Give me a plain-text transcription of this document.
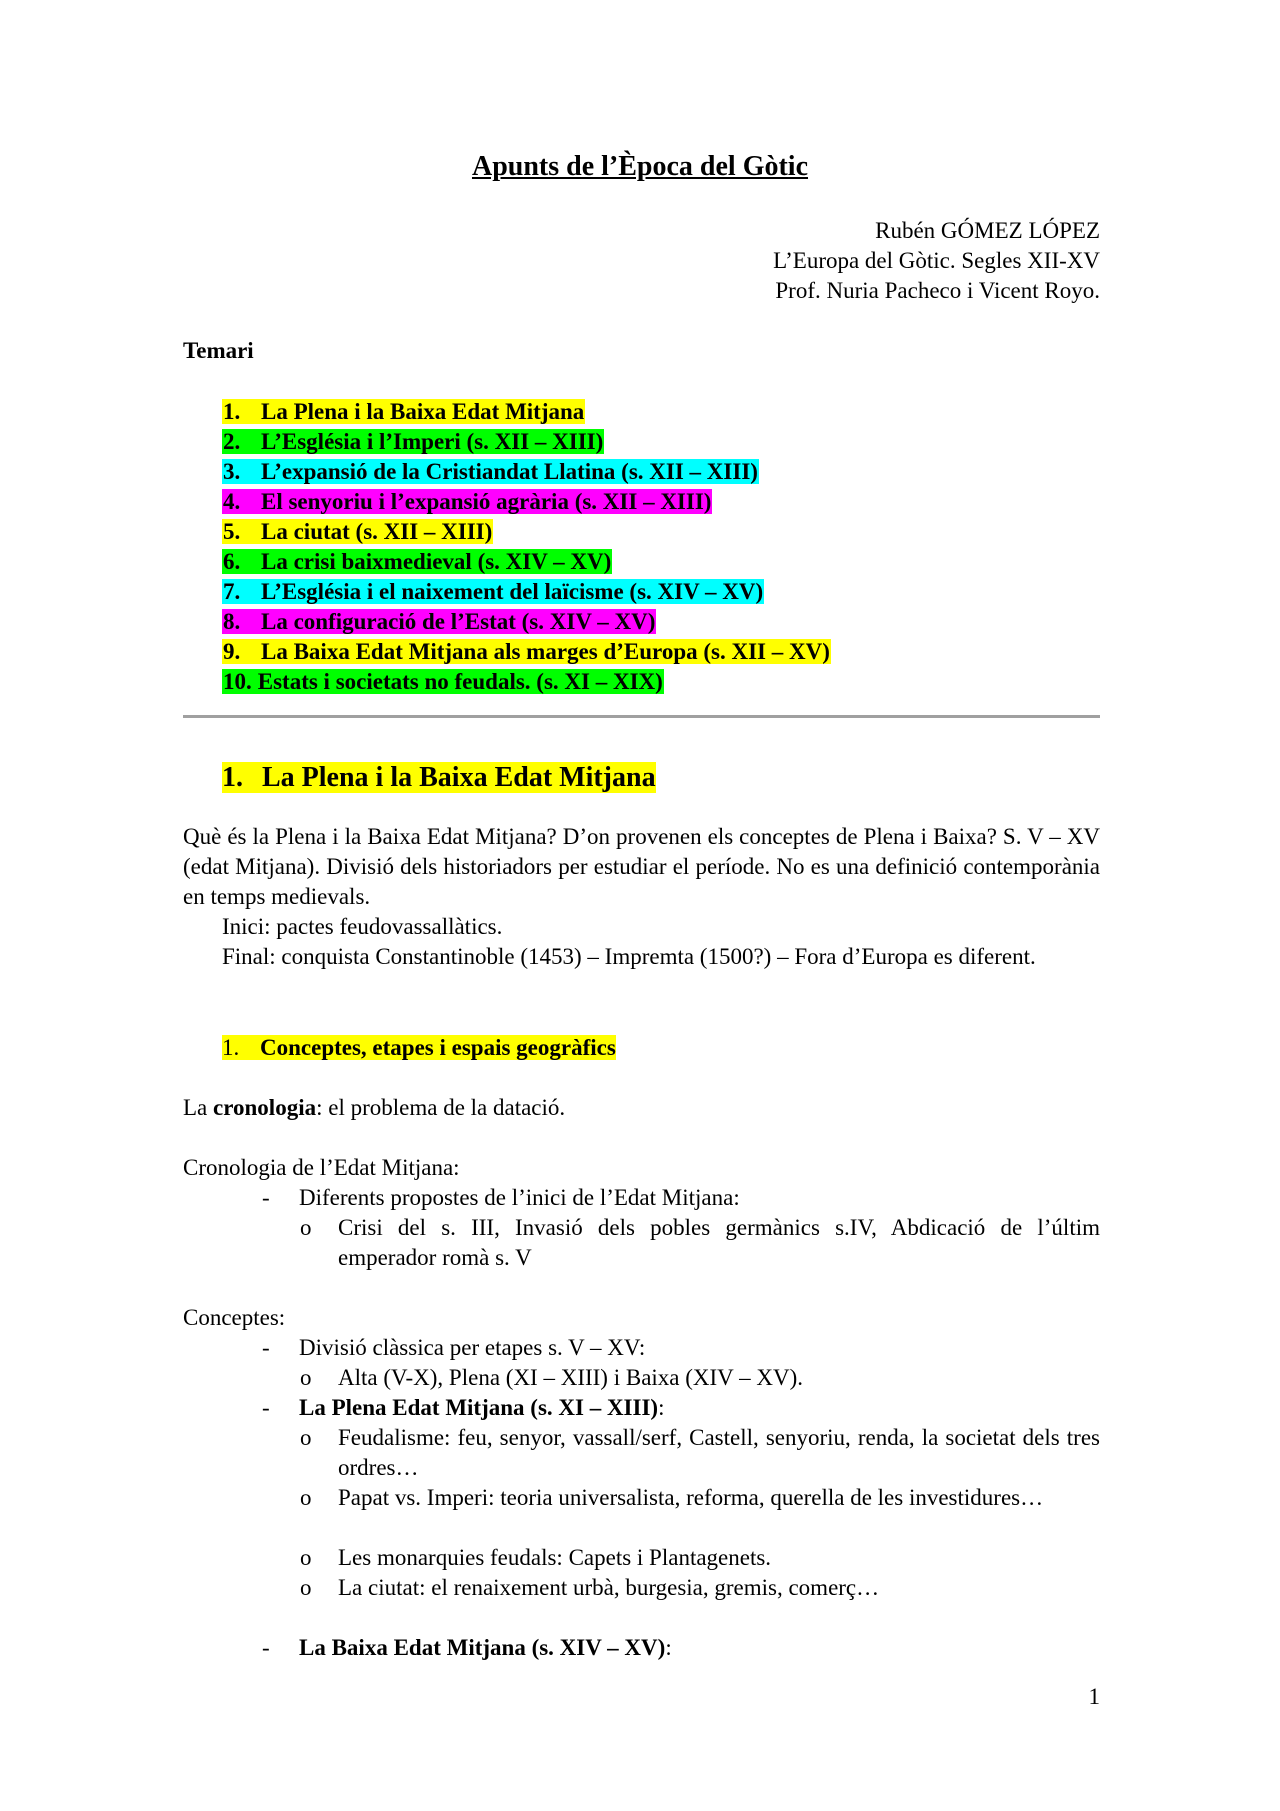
Apunts de l’Època del Gòtic
Rubén GÓMEZ LÓPEZ
L’Europa del Gòtic. Segles XII-XV
Prof. Nuria Pacheco i Vicent Royo.
Temari
1. La Plena i la Baixa Edat Mitjana
2. L’Església i l’Imperi (s. XII – XIII)
3. L’expansió de la Cristiandat Llatina (s. XII – XIII)
4. El senyoriu i l’expansió agrària (s. XII – XIII)
5. La ciutat (s. XII – XIII)
6. La crisi baixmedieval (s. XIV – XV)
7. L’Església i el naixement del laïcisme (s. XIV – XV)
8. La configuració de l’Estat (s. XIV – XV)
9. La Baixa Edat Mitjana als marges d’Europa (s. XII – XV)
10. Estats i societats no feudals. (s. XI – XIX)
1. La Plena i la Baixa Edat Mitjana

Què és la Plena i la Baixa Edat Mitjana? D’on provenen els conceptes de Plena i Baixa? S. V – XV (edat Mitjana). Divisió dels historiadors per estudiar el període. No es una definició contemporània en temps medievals.

Inici: pactes feudovassallàtics.

Final: conquista Constantinoble (1453) – Impremta (1500?) – Fora d’Europa es diferent.

1. Conceptes, etapes i espais geogràfics

La cronologia: el problema de la datació.

Cronologia de l’Edat Mitjana:

- Diferents propostes de l’inici de l’Edat Mitjana:
o Crisi del s. III, Invasió dels pobles germànics s.IV, Abdicació de l’últim emperador romà s. V

Conceptes:

- Divisió clàssica per etapes s. V – XV:
o Alta (V-X), Plena (XI – XIII) i Baixa (XIV – XV).
- La Plena Edat Mitjana (s. XI – XIII):
o Feudalisme: feu, senyor, vassall/serf, Castell, senyoriu, renda, la societat dels tres ordres…
o Papat vs. Imperi: teoria universalista, reforma, querella de les investidures…
o Les monarquies feudals: Capets i Plantagenets.
o La ciutat: el renaixement urbà, burgesia, gremis, comerç…
- La Baixa Edat Mitjana (s. XIV – XV):
1
